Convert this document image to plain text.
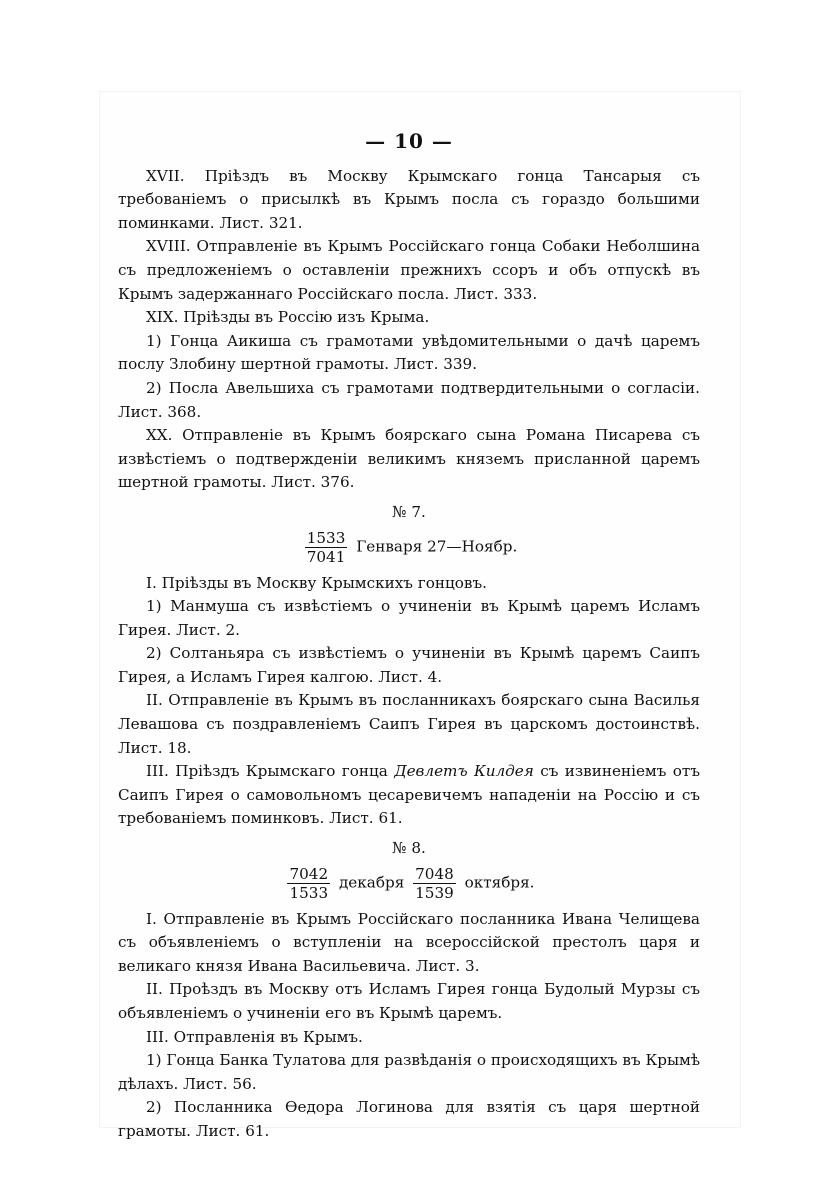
— 10 —

XVII. Пріѣздъ въ Москву Крымскаго гонца Тансарыя съ требованіемъ о присылкѣ въ Крымъ посла съ гораздо большими поминками. Лист. 321.

XVIII. Отправленіе въ Крымъ Россійскаго гонца Собаки Неболшина съ предложеніемъ о оставленіи прежнихъ ссоръ и объ отпускѣ въ Крымъ задержаннаго Россійскаго посла. Лист. 333.

XIX. Пріѣзды въ Россію изъ Крыма.

1) Гонца Аикиша съ грамотами увѣдомительными о дачѣ царемъ послу Злобину шертной грамоты. Лист. 339.

2) Посла Авельшиха съ грамотами подтвердительными о согласіи. Лист. 368.

XX. Отправленіе въ Крымъ боярскаго сына Романа Писарева съ извѣстіемъ о подтвержденіи великимъ княземъ присланной царемъ шертной грамоты. Лист. 376.

№ 7.
$\frac{1533}{7041}$ Генваря 27—Ноябр.

I. Пріѣзды въ Москву Крымскихъ гонцовъ.

1) Манмуша съ извѣстіемъ о учиненіи въ Крымѣ царемъ Исламъ Гирея. Лист. 2.

2) Солтаньяра съ извѣстіемъ о учиненіи въ Крымѣ царемъ Саипъ Гирея, а Исламъ Гирея калгою. Лист. 4.

II. Отправленіе въ Крымъ въ посланникахъ боярскаго сына Василья Левашова съ поздравленіемъ Саипъ Гирея въ царскомъ достоинствѣ. Лист. 18.

III. Пріѣздъ Крымскаго гонца Девлетъ Килдея съ извиненіемъ отъ Саипъ Гирея о самовольномъ цесаревичемъ нападеніи на Россію и съ требованіемъ поминковъ. Лист. 61.

№ 8.
$\frac{7042}{1533}$ декабря $\frac{7048}{1539}$ октября.

I. Отправленіе въ Крымъ Россійскаго посланника Ивана Челищева съ объявленіемъ о вступленіи на всероссійской престолъ царя и великаго князя Ивана Васильевича. Лист. 3.

II. Проѣздъ въ Москву отъ Исламъ Гирея гонца Будолый Мурзы съ объявленіемъ о учиненіи его въ Крымѣ царемъ.

III. Отправленія въ Крымъ.

1) Гонца Банка Тулатова для развѣданія о происходящихъ въ Крымѣ дѣлахъ. Лист. 56.

2) Посланника Ѳедора Логинова для взятія съ царя шертной грамоты. Лист. 61.
